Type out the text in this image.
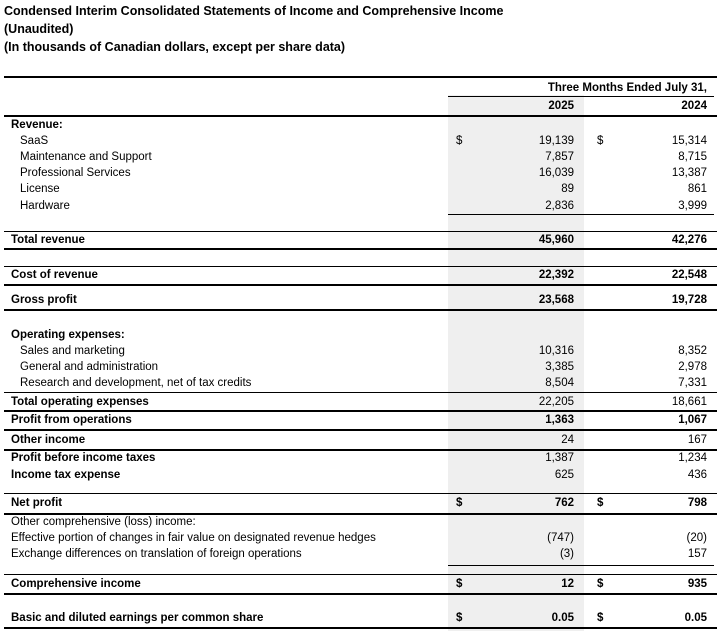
Condensed Interim Consolidated Statements of Income and Comprehensive Income
(Unaudited)
(In thousands of Canadian dollars, except per share data)
Three Months Ended July 31,
2025	2024
Revenue:
SaaS	$	19,139 $	15,314
Maintenance and Support	7,857	8,715
Professional Services	16,039	13,387
License	89	861
Hardware	2,836	3,999
Total revenue	45,960	42,276
Cost of revenue	22,392	22,548
Gross profit	23,568	19,728
Operating expenses:
Sales and marketing	10,316	8,352
General and administration	3,385	2,978
Research and development, net of tax credits	8,504	7,331
Total operating expenses	22,205	18,661
Profit from operations	1,363	1,067
Other income	24	167
Profit before income taxes	1,387	1,234
Income tax expense	625	436
Net profit	$	762 $	798
Other comprehensive (loss) income:
Effective portion of changes in fair value on designated revenue hedges	(747)	(20)
Exchange differences on translation of foreign operations	(3)	157
Comprehensive income	$	12 $	935
Basic and diluted earnings per common share	$	0.05 $	0.05
